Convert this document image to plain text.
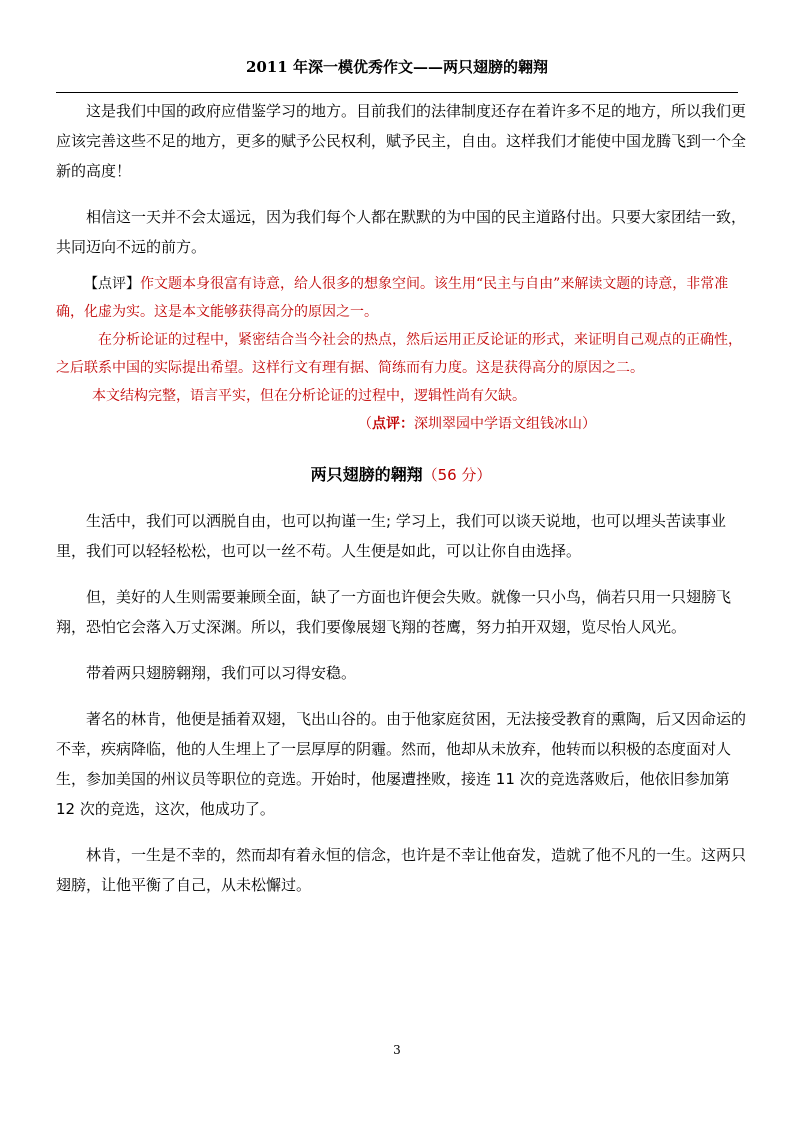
2011 年深一模优秀作文——两只翅膀的翱翔

这是我们中国的政府应借鉴学习的地方。目前我们的法律制度还存在着许多不足的地方，所以我们更应该完善这些不足的地方，更多的赋予公民权利，赋予民主，自由。这样我们才能使中国龙腾飞到一个全新的高度！

相信这一天并不会太遥远，因为我们每个人都在默默的为中国的民主道路付出。只要大家团结一致，共同迈向不远的前方。

【点评】作文题本身很富有诗意，给人很多的想象空间。该生用“民主与自由”来解读文题的诗意，非常准确，化虚为实。这是本文能够获得高分的原因之一。

在分析论证的过程中，紧密结合当今社会的热点，然后运用正反论证的形式，来证明自己观点的正确性，之后联系中国的实际提出希望。这样行文有理有据、简练而有力度。这是获得高分的原因之二。

本文结构完整，语言平实，但在分析论证的过程中，逻辑性尚有欠缺。

（点评：深圳翠园中学语文组钱冰山）

两只翅膀的翱翔（56 分）

生活中，我们可以洒脱自由，也可以拘谨一生; 学习上，我们可以谈天说地，也可以埋头苦读事业里，我们可以轻轻松松，也可以一丝不苟。人生便是如此，可以让你自由选择。

但，美好的人生则需要兼顾全面，缺了一方面也许便会失败。就像一只小鸟，倘若只用一只翅膀飞翔，恐怕它会落入万丈深渊。所以，我们要像展翅飞翔的苍鹰，努力拍开双翅，览尽怡人风光。

带着两只翅膀翱翔，我们可以习得安稳。

著名的林肯，他便是插着双翅，飞出山谷的。由于他家庭贫困，无法接受教育的熏陶，后又因命运的不幸，疾病降临，他的人生埋上了一层厚厚的阴霾。然而，他却从未放弃，他转而以积极的态度面对人生，参加美国的州议员等职位的竞选。开始时，他屡遭挫败，接连 11 次的竞选落败后，他依旧参加第 12 次的竞选，这次，他成功了。

林肯，一生是不幸的，然而却有着永恒的信念，也许是不幸让他奋发，造就了他不凡的一生。这两只翅膀，让他平衡了自己，从未松懈过。

3
